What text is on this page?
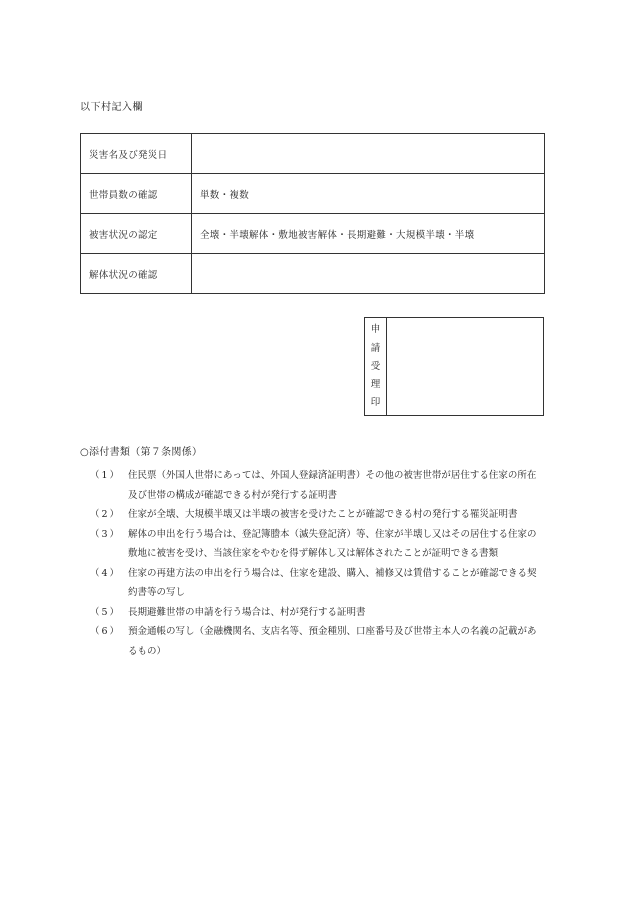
以下村記入欄
災害名及び発災日	
世帯員数の確認	単数・複数
被害状況の認定	全壊・半壊解体・敷地被害解体・長期避難・大規模半壊・半壊
解体状況の確認	
申
請
受
理
印
○添付書類（第７条関係）
（1） 住民票（外国人世帯にあっては、外国人登録済証明書）その他の被害世帯が居住する住家の所在
及び世帯の構成が確認できる村が発行する証明書
（2） 住家が全壊、大規模半壊又は半壊の被害を受けたことが確認できる村の発行する罹災証明書
（3） 解体の申出を行う場合は、登記簿謄本（滅失登記済）等、住家が半壊し又はその居住する住家の
敷地に被害を受け、当該住家をやむを得ず解体し又は解体されたことが証明できる書類
（4） 住家の再建方法の申出を行う場合は、住家を建設、購入、補修又は賃借することが確認できる契
約書等の写し
（5） 長期避難世帯の申請を行う場合は、村が発行する証明書
（6） 預金通帳の写し（金融機関名、支店名等、預金種別、口座番号及び世帯主本人の名義の記載があ
るもの）
